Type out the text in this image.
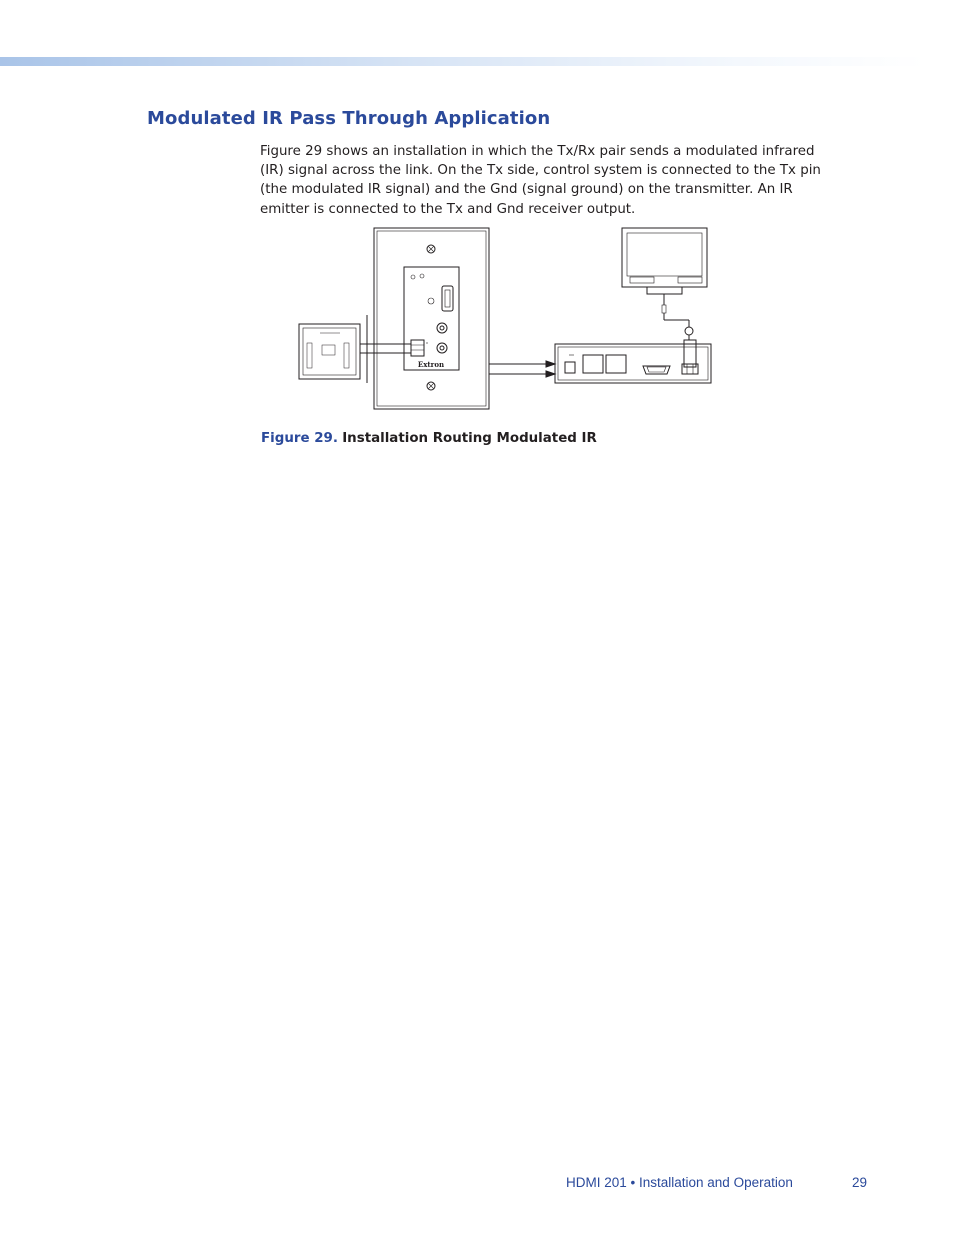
Modulated IR Pass Through Application

Figure 29 shows an installation in which the Tx/Rx pair sends a modulated infrared (IR) signal across the link. On the Tx side, control system is connected to the Tx pin (the modulated IR signal) and the Gnd (signal ground) on the transmitter. An IR emitter is connected to the Tx and Gnd receiver output.

Extron

Figure 29. Installation Routing Modulated IR

HDMI 201 • Installation and Operation	29
